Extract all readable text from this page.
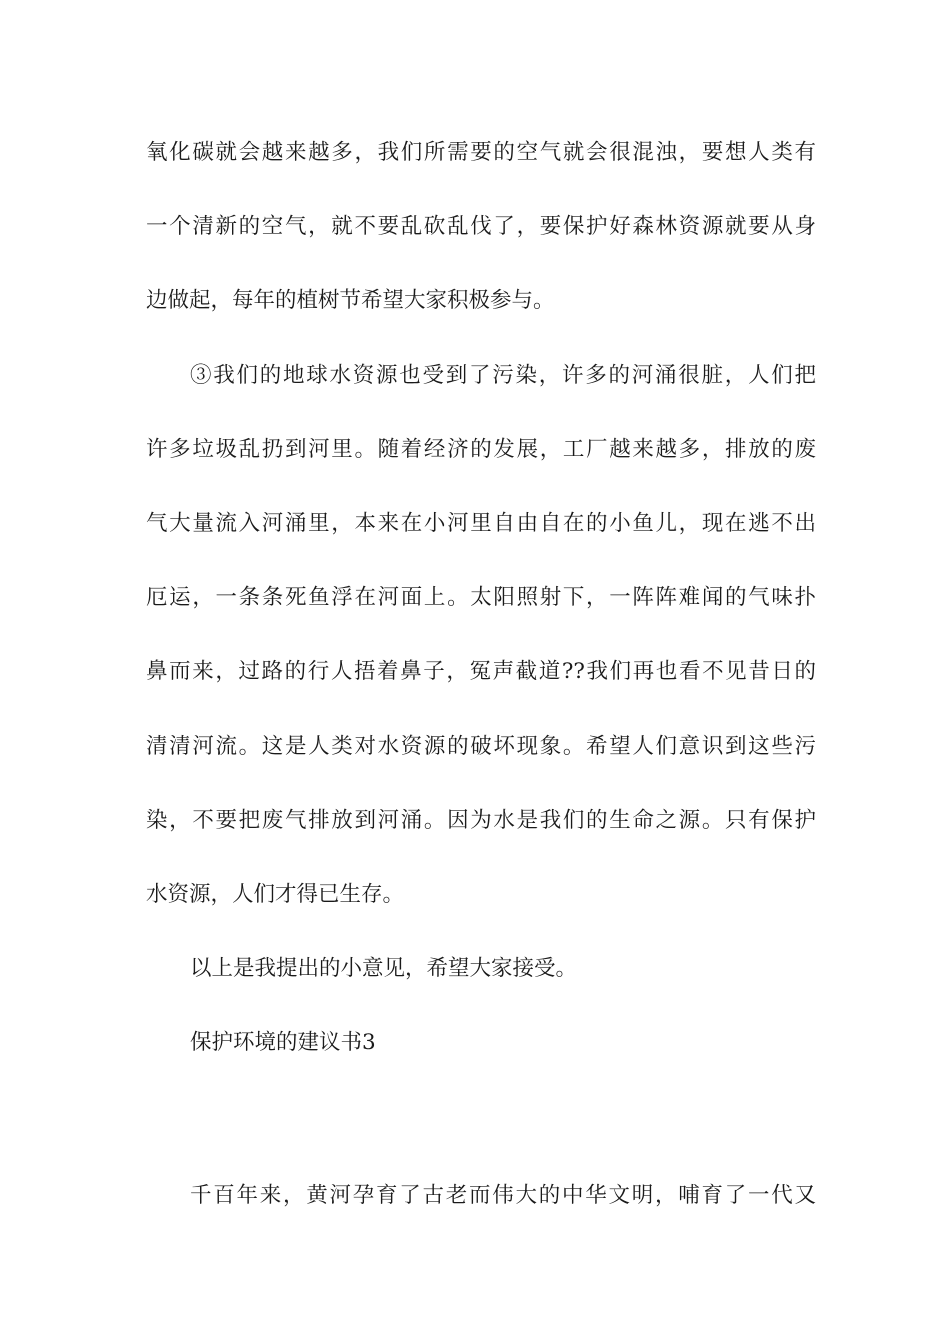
氧化碳就会越来越多，我们所需要的空气就会很混浊，要想人类有
一个清新的空气，就不要乱砍乱伐了，要保护好森林资源就要从身
边做起，每年的植树节希望大家积极参与。
③我们的地球水资源也受到了污染，许多的河涌很脏，人们把
许多垃圾乱扔到河里。随着经济的发展，工厂越来越多，排放的废
气大量流入河涌里，本来在小河里自由自在的小鱼儿，现在逃不出
厄运，一条条死鱼浮在河面上。太阳照射下，一阵阵难闻的气味扑
鼻而来，过路的行人捂着鼻子，冤声截道??我们再也看不见昔日的
清清河流。这是人类对水资源的破坏现象。希望人们意识到这些污
染，不要把废气排放到河涌。因为水是我们的生命之源。只有保护
水资源，人们才得已生存。
以上是我提出的小意见，希望大家接受。
保护环境的建议书3
千百年来，黄河孕育了古老而伟大的中华文明，哺育了一代又
